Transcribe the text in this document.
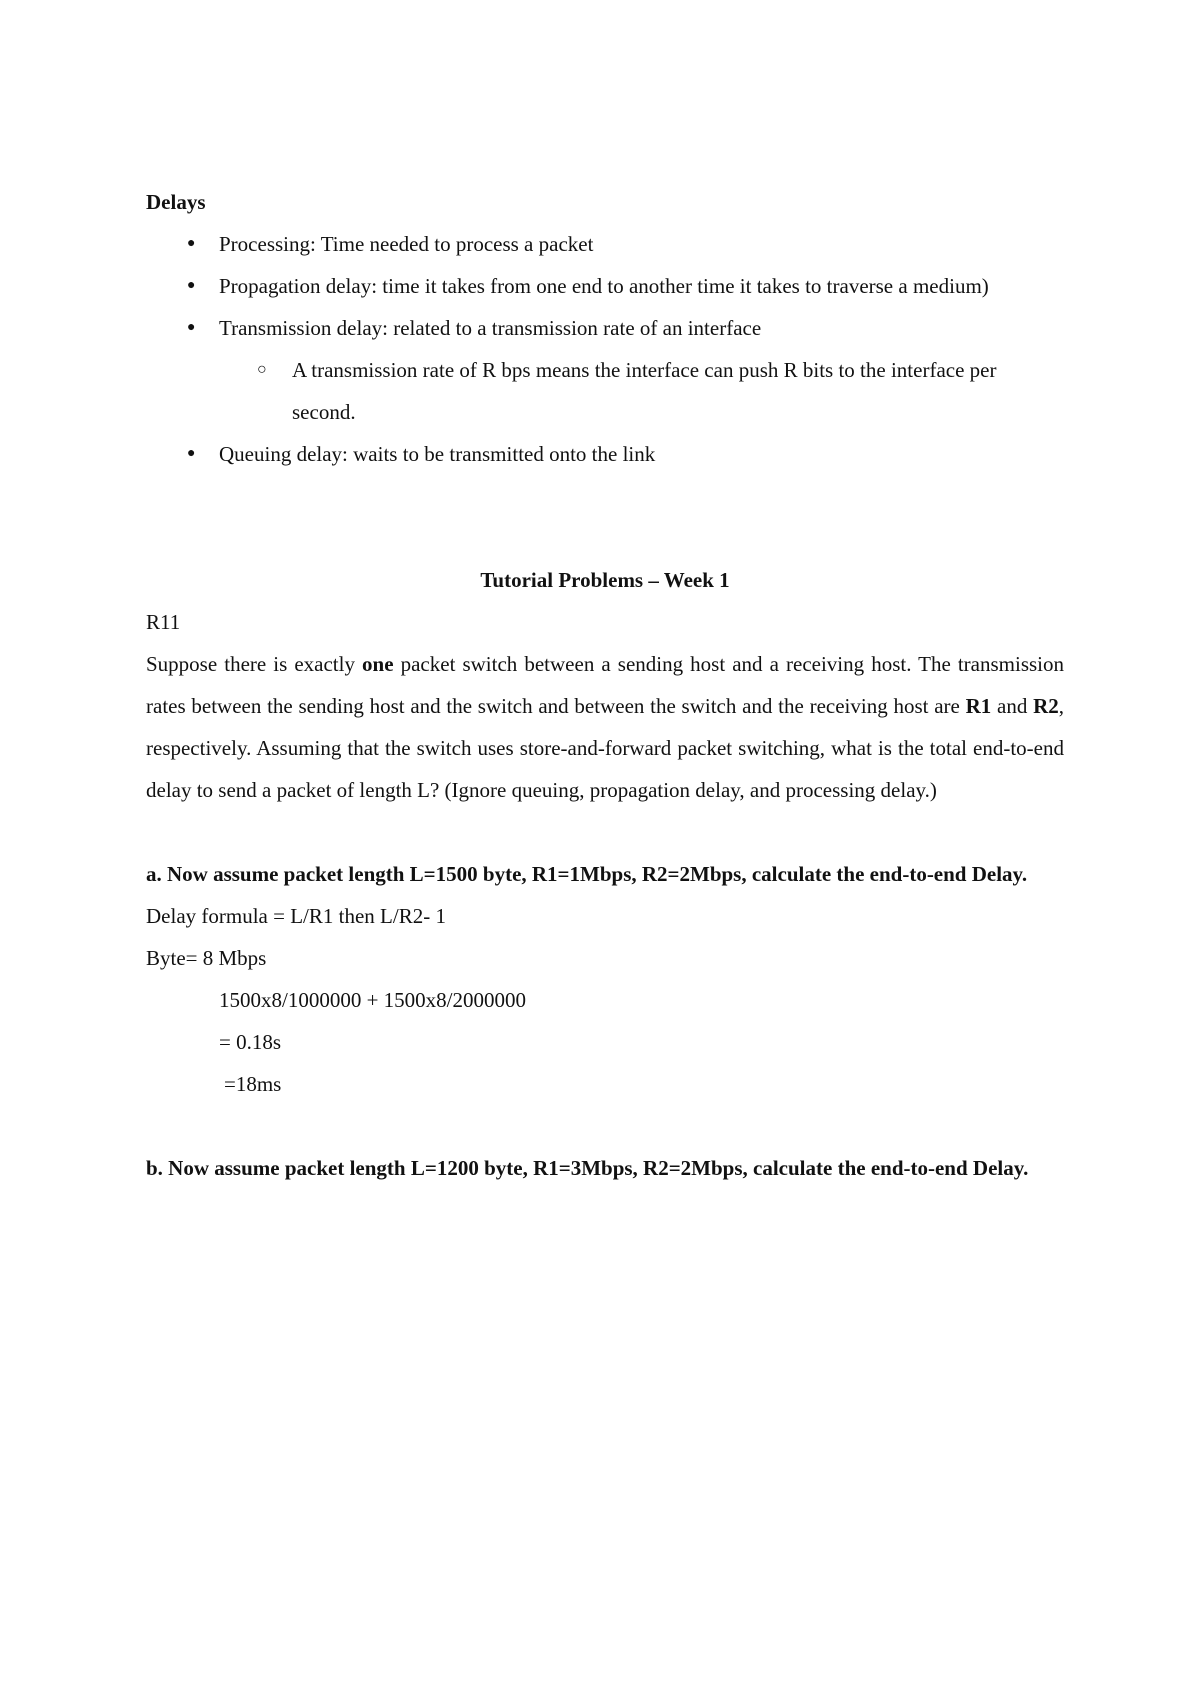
Delays
● Processing: Time needed to process a packet
● Propagation delay: time it takes from one end to another time it takes to traverse a medium)
● Transmission delay: related to a transmission rate of an interface
○ A transmission rate of R bps means the interface can push R bits to the interface per second.
● Queuing delay: waits to be transmitted onto the link
Tutorial Problems – Week 1
R11
Suppose there is exactly one packet switch between a sending host and a receiving host. The transmission rates between the sending host and the switch and between the switch and the receiving host are R1 and R2, respectively. Assuming that the switch uses store-and-forward packet switching, what is the total end-to-end delay to send a packet of length L? (Ignore queuing, propagation delay, and processing delay.)
a. Now assume packet length L=1500 byte, R1=1Mbps, R2=2Mbps, calculate the end-to-end Delay.
Delay formula = L/R1 then L/R2- 1
Byte= 8 Mbps
1500x8/1000000 + 1500x8/2000000
= 0.18s
=18ms
b. Now assume packet length L=1200 byte, R1=3Mbps, R2=2Mbps, calculate the end-to-end Delay.
